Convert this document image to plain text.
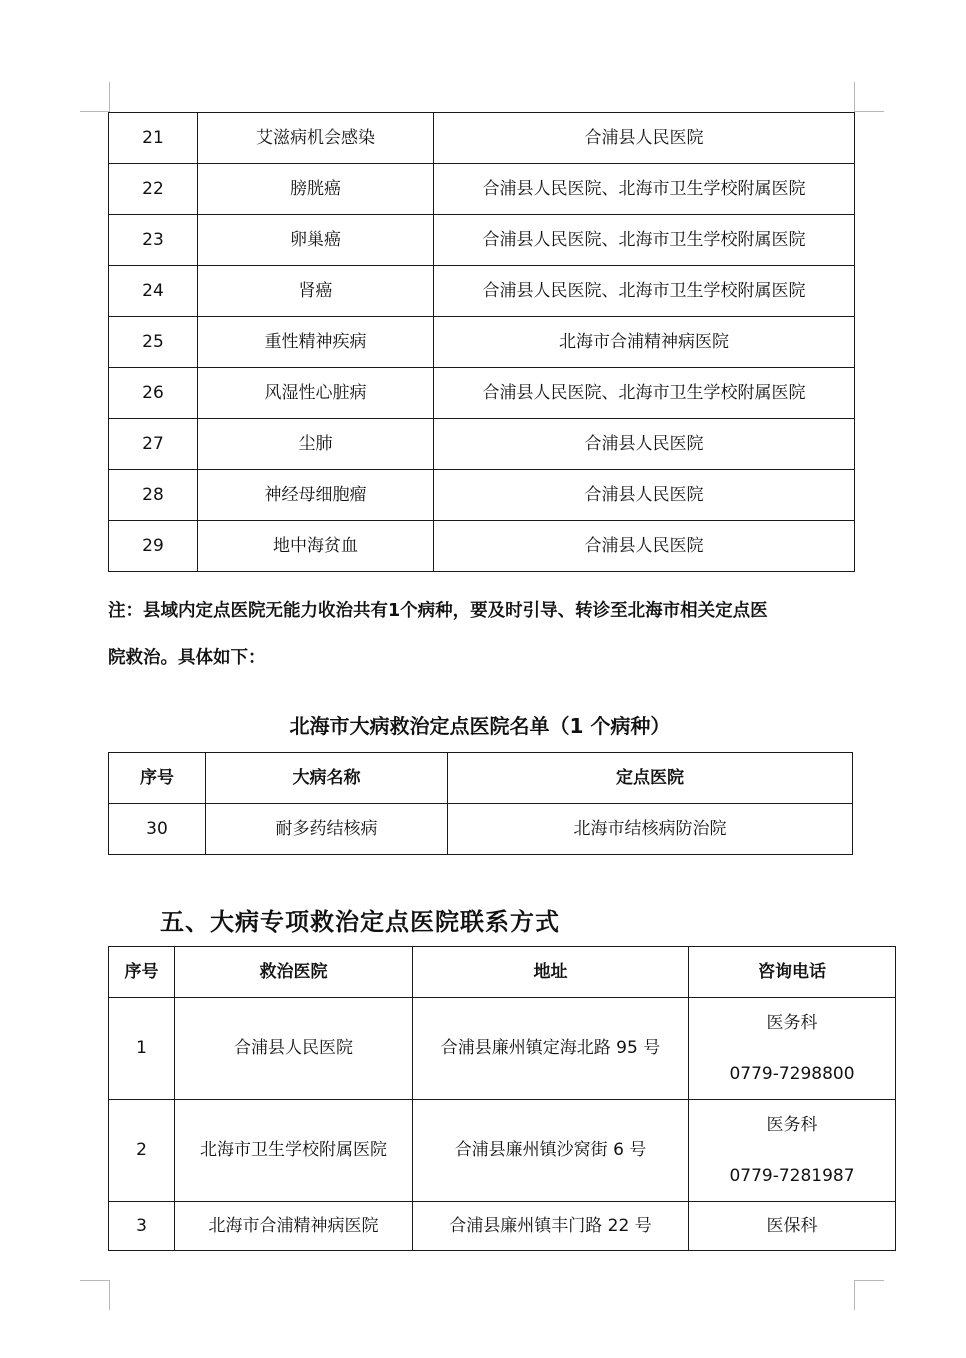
21	艾滋病机会感染	合浦县人民医院
22	膀胱癌	合浦县人民医院、北海市卫生学校附属医院
23	卵巢癌	合浦县人民医院、北海市卫生学校附属医院
24	肾癌	合浦县人民医院、北海市卫生学校附属医院
25	重性精神疾病	北海市合浦精神病医院
26	风湿性心脏病	合浦县人民医院、北海市卫生学校附属医院
27	尘肺	合浦县人民医院
28	神经母细胞瘤	合浦县人民医院
29	地中海贫血	合浦县人民医院
注：县域内定点医院无能力收治共有1个病种，要及时引导、转诊至北海市相关定点医
院救治。具体如下：
北海市大病救治定点医院名单（1 个病种）
序号	大病名称	定点医院
30	耐多药结核病	北海市结核病防治院
五、大病专项救治定点医院联系方式
序号	救治医院	地址	咨询电话
1	合浦县人民医院	合浦县廉州镇定海北路 95 号	医务科
0779-7298800

2	北海市卫生学校附属医院	合浦县廉州镇沙窝街 6 号	医务科
0779-7281987

3	北海市合浦精神病医院	合浦县廉州镇丰门路 22 号	医保科
